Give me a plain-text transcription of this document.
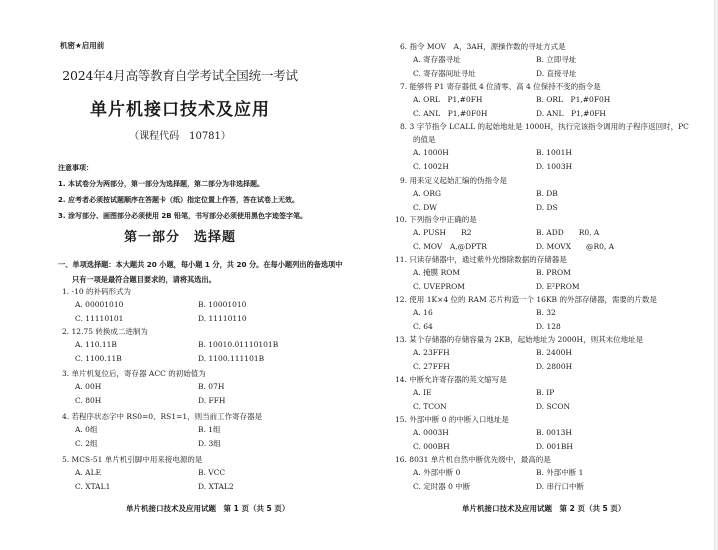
机密★启用前
2024年4月高等教育自学考试全国统一考试
单片机接口技术及应用
（课程代码　10781）
注意事项：
1. 本试卷分为两部分，第一部分为选择题，第二部分为非选择题。
2. 应考者必须按试题顺序在答题卡（纸）指定位置上作答，答在试卷上无效。
3. 涂写部分、画图部分必须使用 2B 铅笔，书写部分必须使用黑色字迹签字笔。
第一部分　选择题
一、单项选择题：本大题共 20 小题，每小题 1 分，共 20 分。在每小题列出的备选项中
只有一项是最符合题目要求的，请将其选出。
1. -10 的补码形式为
A. 00001010	B. 10001010
C. 11110101	D. 11110110
2. 12.75 转换成二进制为
A. 110.11B	B. 10010.01110101B
C. 1100.11B	D. 1100.111101B
3. 单片机复位后，寄存器 ACC 的初始值为
A. 00H	B. 07H
C. 80H	D. FFH
4. 若程序状态字中 RS0=0、RS1=1，则当前工作寄存器是
A. 0组	B. 1组
C. 2组	D. 3组
5. MCS-51 单片机引脚中用来接电源的是
A. ALE	B. VCC
C. XTAL1	D. XTAL2
单片机接口技术及应用试题　第 1 页（共 5 页）
6. 指令 MOV　A，3AH，源操作数的寻址方式是
A. 寄存器寻址	B. 立即寻址
C. 寄存器间址寻址	D. 直接寻址
7. 能够将 P1 寄存器低 4 位清零、高 4 位保持不变的指令是
A. ORL　P1,#0FH	B. ORL　P1,#0F0H
C. ANL　P1,#0F0H	D. ANL　P1,#0FH
8. 3 字节指令 LCALL 的起始地址是 1000H，执行完该指令调用的子程序返回时，PC
的值是
A. 1000H	B. 1001H
C. 1002H	D. 1003H
9. 用来定义起始汇编的伪指令是
A. ORG	B. DB
C. DW	D. DS
10. 下列指令中正确的是
A. PUSH　　R2	B. ADD　　R0, A
C. MOV　A,@DPTR	D. MOVX　　@R0, A
11. 只读存储器中，通过紫外光擦除数据的存储器是
A. 掩膜 ROM	B. PROM
C. UVEPROM	D. E²PROM
12. 使用 1K×4 位的 RAM 芯片构造一个 16KB 的外部存储器，需要的片数是
A. 16	B. 32
C. 64	D. 128
13. 某个存储器的存储容量为 2KB，起始地址为 2000H，则其末位地址是
A. 23FFH	B. 2400H
C. 27FFH	D. 2800H
14. 中断允许寄存器的英文缩写是
A. IE	B. IP
C. TCON	D. SCON
15. 外部中断 0 的中断入口地址是
A. 0003H	B. 0013H
C. 000BH	D. 001BH
16. 8031 单片机自然中断优先级中，最高的是
A. 外部中断 0	B. 外部中断 1
C. 定时器 0 中断	D. 串行口中断
单片机接口技术及应用试题　第 2 页（共 5 页）
